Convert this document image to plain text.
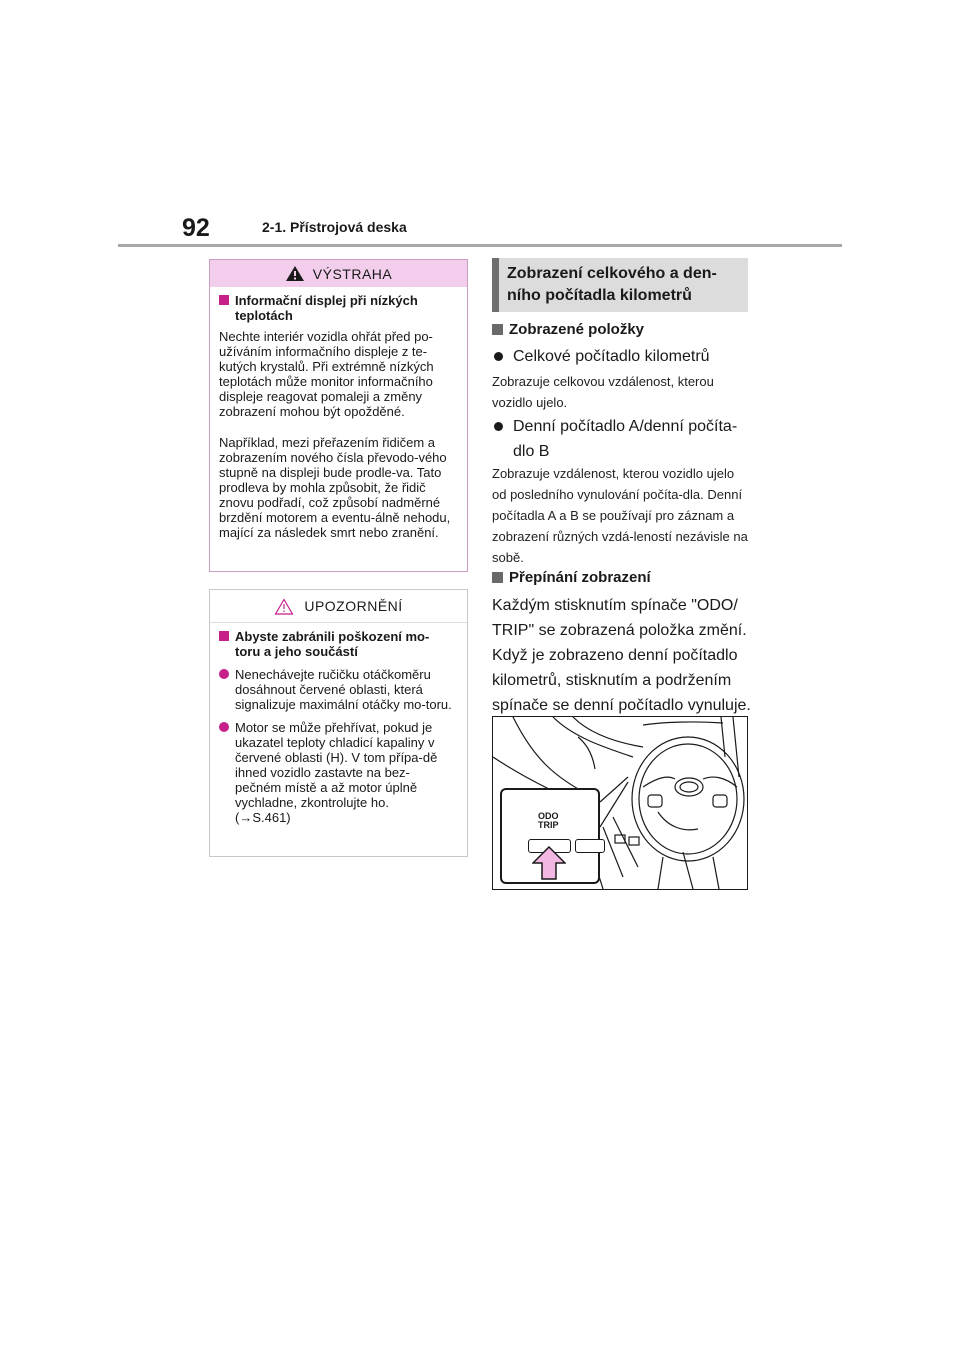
92	2-1. Přístrojová deska
VÝSTRAHA
Informační displej při nízkých teplotách
Nechte interiér vozidla ohřát před po-užíváním informačního displeje z te-kutých krystalů. Při extrémně nízkých teplotách může monitor informačního displeje reagovat pomaleji a změny zobrazení mohou být opožděné.
Například, mezi přeřazením řidičem a zobrazením nového čísla převodo-vého stupně na displeji bude prodle-va. Tato prodleva by mohla způsobit, že řidič znovu podřadí, což způsobí nadměrné brzdění motorem a eventu-álně nehodu, mající za následek smrt nebo zranění.
UPOZORNĚNÍ
Abyste zabránili poškození mo-toru a jeho součástí
Nenechávejte ručičku otáčkoměru dosáhnout červené oblasti, která signalizuje maximální otáčky mo-toru.
Motor se může přehřívat, pokud je ukazatel teploty chladicí kapaliny v červené oblasti (H). V tom přípa-dě ihned vozidlo zastavte na bez-pečném místě a až motor úplně vychladne, zkontrolujte ho.
(→S.461)
Zobrazení celkového a den-ního počítadla kilometrů
Zobrazené položky
Celkové počítadlo kilometrů
Zobrazuje celkovou vzdálenost, kterou vozidlo ujelo.
Denní počítadlo A/denní počíta-
dlo B
Zobrazuje vzdálenost, kterou vozidlo ujelo od posledního vynulování počíta-dla. Denní počítadla A a B se používají pro záznam a zobrazení různých vzdá-leností nezávisle na sobě.
Přepínání zobrazení
Každým stisknutím spínače "ODO/ TRIP" se zobrazená položka změní. Když je zobrazeno denní počítadlo kilometrů, stisknutím a podržením spínače se denní počítadlo vynuluje.
ODO
TRIP
